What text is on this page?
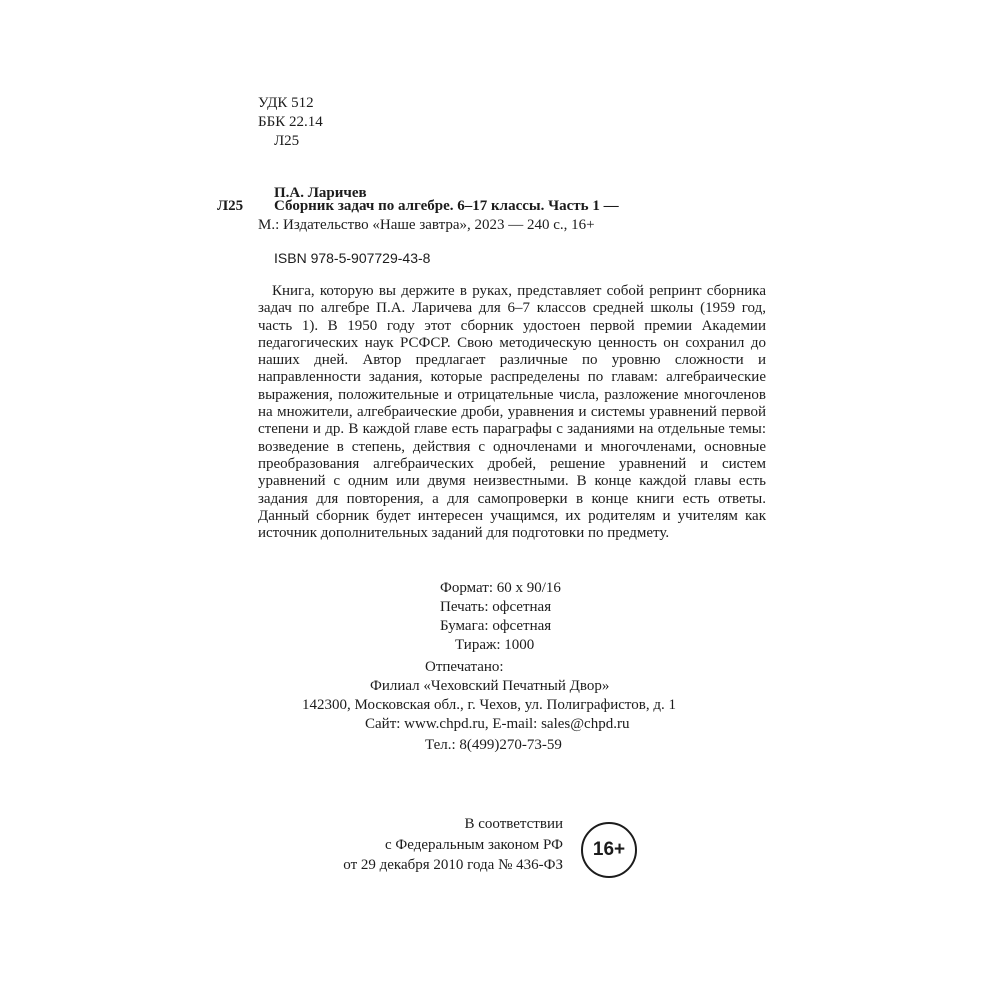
УДК 512
ББК 22.14
Л25
П.А. Ларичев
Л25 Сборник задач по алгебре. 6–17 классы. Часть 1 —
М.: Издательство «Наше завтра», 2023 — 240 с., 16+
ISBN 978-5-907729-43-8

Книга, которую вы держите в руках, представляет собой репринт сборника задач по алгебре П.А. Ларичева для 6–7 классов средней школы (1959 год, часть 1). В 1950 году этот сборник удостоен первой премии Академии педагогических наук РСФСР. Свою методическую ценность он сохранил до наших дней. Автор предлагает различные по уровню сложности и направленности задания, которые распределены по главам: алгебраические выражения, положительные и отрицательные числа, разложение многочленов на множители, алгебраические дроби, уравнения и системы уравнений первой степени и др. В каждой главе есть параграфы с заданиями на отдельные темы: возведение в степень, действия с одночленами и многочленами, основные преобразования алгебраических дробей, решение уравнений и систем уравнений с одним или двумя неизвестными. В конце каждой главы есть задания для повторения, а для самопроверки в конце книги есть ответы. Данный сборник будет интересен учащимся, их родителям и учителям как источник дополнительных заданий для подготовки по предмету.

Формат: 60 х 90/16
Печать: офсетная
Бумага: офсетная
Тираж: 1000
Отпечатано:
Филиал «Чеховский Печатный Двор»
142300, Московская обл., г. Чехов, ул. Полиграфистов, д. 1
Сайт: www.chpd.ru, E-mail: sales@chpd.ru
Тел.: 8(499)270-73-59
В соответствии
с Федеральным законом РФ
от 29 декабря 2010 года № 436-ФЗ
16+
